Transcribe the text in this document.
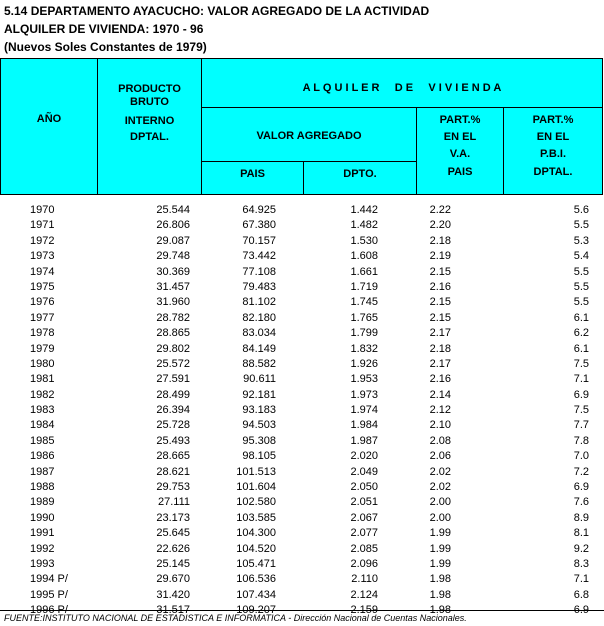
5.14 DEPARTAMENTO AYACUCHO: VALOR AGREGADO DE LA ACTIVIDAD
ALQUILER DE VIVIENDA: 1970 - 96
(Nuevos Soles Constantes de 1979)
AÑO
PRODUCTO
BRUTO
INTERNO
DPTAL.
A L Q U I L E R     D E     V I V I E N D A
VALOR AGREGADO
PAIS	DPTO.
PART.%
EN EL
V.A.
PAIS
PART.%
EN EL
P.B.I.
DPTAL.
1970	25.544	64.925	1.442	2.22	5.6
1971	26.806	67.380	1.482	2.20	5.5
1972	29.087	70.157	1.530	2.18	5.3
1973	29.748	73.442	1.608	2.19	5.4
1974	30.369	77.108	1.661	2.15	5.5
1975	31.457	79.483	1.719	2.16	5.5
1976	31.960	81.102	1.745	2.15	5.5
1977	28.782	82.180	1.765	2.15	6.1
1978	28.865	83.034	1.799	2.17	6.2
1979	29.802	84.149	1.832	2.18	6.1
1980	25.572	88.582	1.926	2.17	7.5
1981	27.591	90.611	1.953	2.16	7.1
1982	28.499	92.181	1.973	2.14	6.9
1983	26.394	93.183	1.974	2.12	7.5
1984	25.728	94.503	1.984	2.10	7.7
1985	25.493	95.308	1.987	2.08	7.8
1986	28.665	98.105	2.020	2.06	7.0
1987	28.621	101.513	2.049	2.02	7.2
1988	29.753	101.604	2.050	2.02	6.9
1989	27.111	102.580	2.051	2.00	7.6
1990	23.173	103.585	2.067	2.00	8.9
1991	25.645	104.300	2.077	1.99	8.1
1992	22.626	104.520	2.085	1.99	9.2
1993	25.145	105.471	2.096	1.99	8.3
1994 P/	29.670	106.536	2.110	1.98	7.1
1995 P/	31.420	107.434	2.124	1.98	6.8
1996 P/	31.517	109.207	2.159	1.98	6.9
FUENTE:INSTITUTO NACIONAL DE ESTADISTICA E INFORMATICA - Dirección Nacional de Cuentas Nacionales.
